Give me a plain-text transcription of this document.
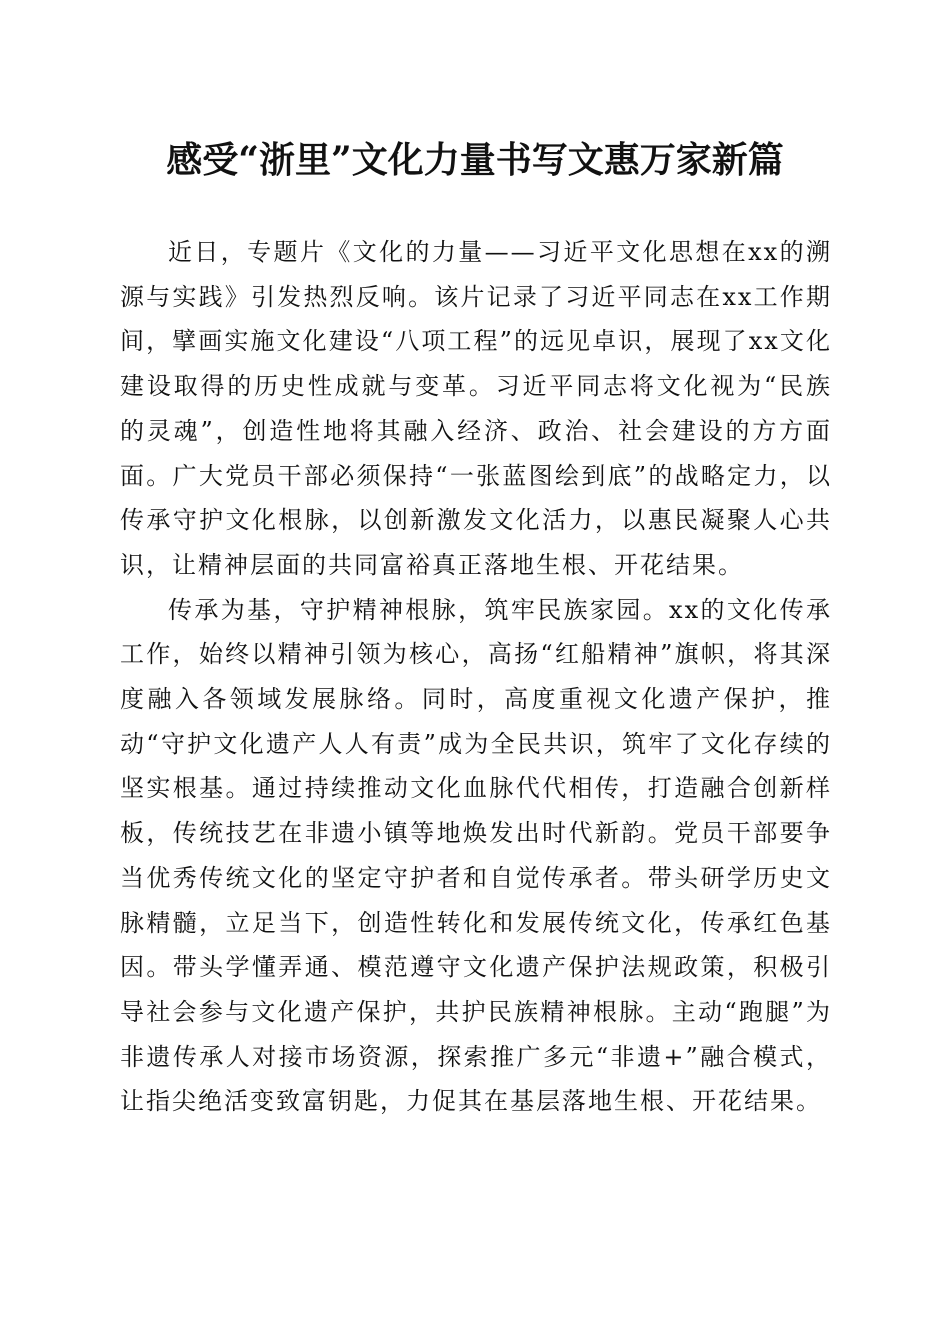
感受“浙里”文化力量书写文惠万家新篇

近日，专题片《文化的力量——习近平文化思想在xx的溯源与实践》引发热烈反响。该片记录了习近平同志在xx工作期间，擘画实施文化建设“八项工程”的远见卓识，展现了xx文化建设取得的历史性成就与变革。习近平同志将文化视为“民族的灵魂”，创造性地将其融入经济、政治、社会建设的方方面面。广大党员干部必须保持“一张蓝图绘到底”的战略定力，以传承守护文化根脉，以创新激发文化活力，以惠民凝聚人心共识，让精神层面的共同富裕真正落地生根、开花结果。

传承为基，守护精神根脉，筑牢民族家园。xx的文化传承工作，始终以精神引领为核心，高扬“红船精神”旗帜，将其深度融入各领域发展脉络。同时，高度重视文化遗产保护，推动“守护文化遗产人人有责”成为全民共识，筑牢了文化存续的坚实根基。通过持续推动文化血脉代代相传，打造融合创新样板，传统技艺在非遗小镇等地焕发出时代新韵。党员干部要争当优秀传统文化的坚定守护者和自觉传承者。带头研学历史文脉精髓，立足当下，创造性转化和发展传统文化，传承红色基因。带头学懂弄通、模范遵守文化遗产保护法规政策，积极引导社会参与文化遗产保护，共护民族精神根脉。主动“跑腿”为非遗传承人对接市场资源，探索推广多元“非遗+”融合模式，让指尖绝活变致富钥匙，力促其在基层落地生根、开花结果。
